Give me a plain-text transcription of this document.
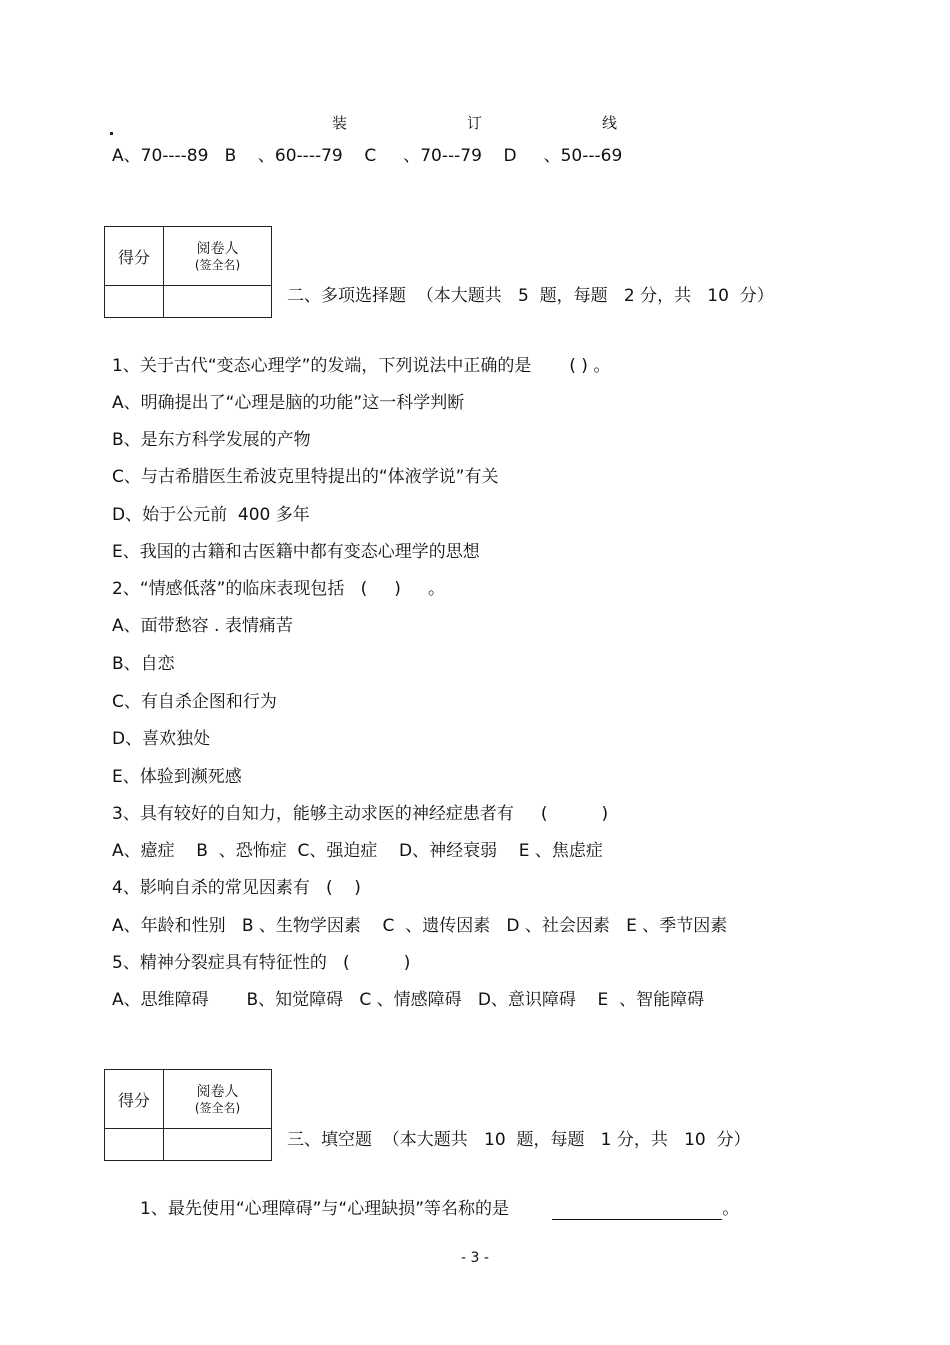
装	订	线
A、70----89   B    、60----79    C     、70---79    D     、50---69
得分	阅卷人
(签全名)

二、多项选择题  （本大题共   5  题，每题   2 分，共   10  分）
1、关于古代“变态心理学”的发端，下列说法中正确的是       ( ) 。
A、明确提出了“心理是脑的功能”这一科学判断
B、是东方科学发展的产物
C、与古希腊医生希波克里特提出的“体液学说”有关
D、始于公元前  400 多年
E、我国的古籍和古医籍中都有变态心理学的思想
2、“情感低落”的临床表现包括   (     )     。
A、面带愁容 . 表情痛苦
B、自恋
C、有自杀企图和行为
D、喜欢独处
E、体验到濒死感
3、具有较好的自知力，能够主动求医的神经症患者有     (          )
A、癔症    B  、恐怖症  C、强迫症    D、神经衰弱    E 、焦虑症
4、影响自杀的常见因素有   (    )
A、年龄和性别   B 、生物学因素    C  、遗传因素   D 、社会因素   E 、季节因素
5、精神分裂症具有特征性的   (          )
A、思维障碍       B、知觉障碍   C 、情感障碍   D、意识障碍    E  、智能障碍
得分	阅卷人
(签全名)

三、填空题  （本大题共   10  题，每题   1 分，共   10  分）
1、最先使用“心理障碍”与“心理缺损”等名称的是	。
- 3 -
